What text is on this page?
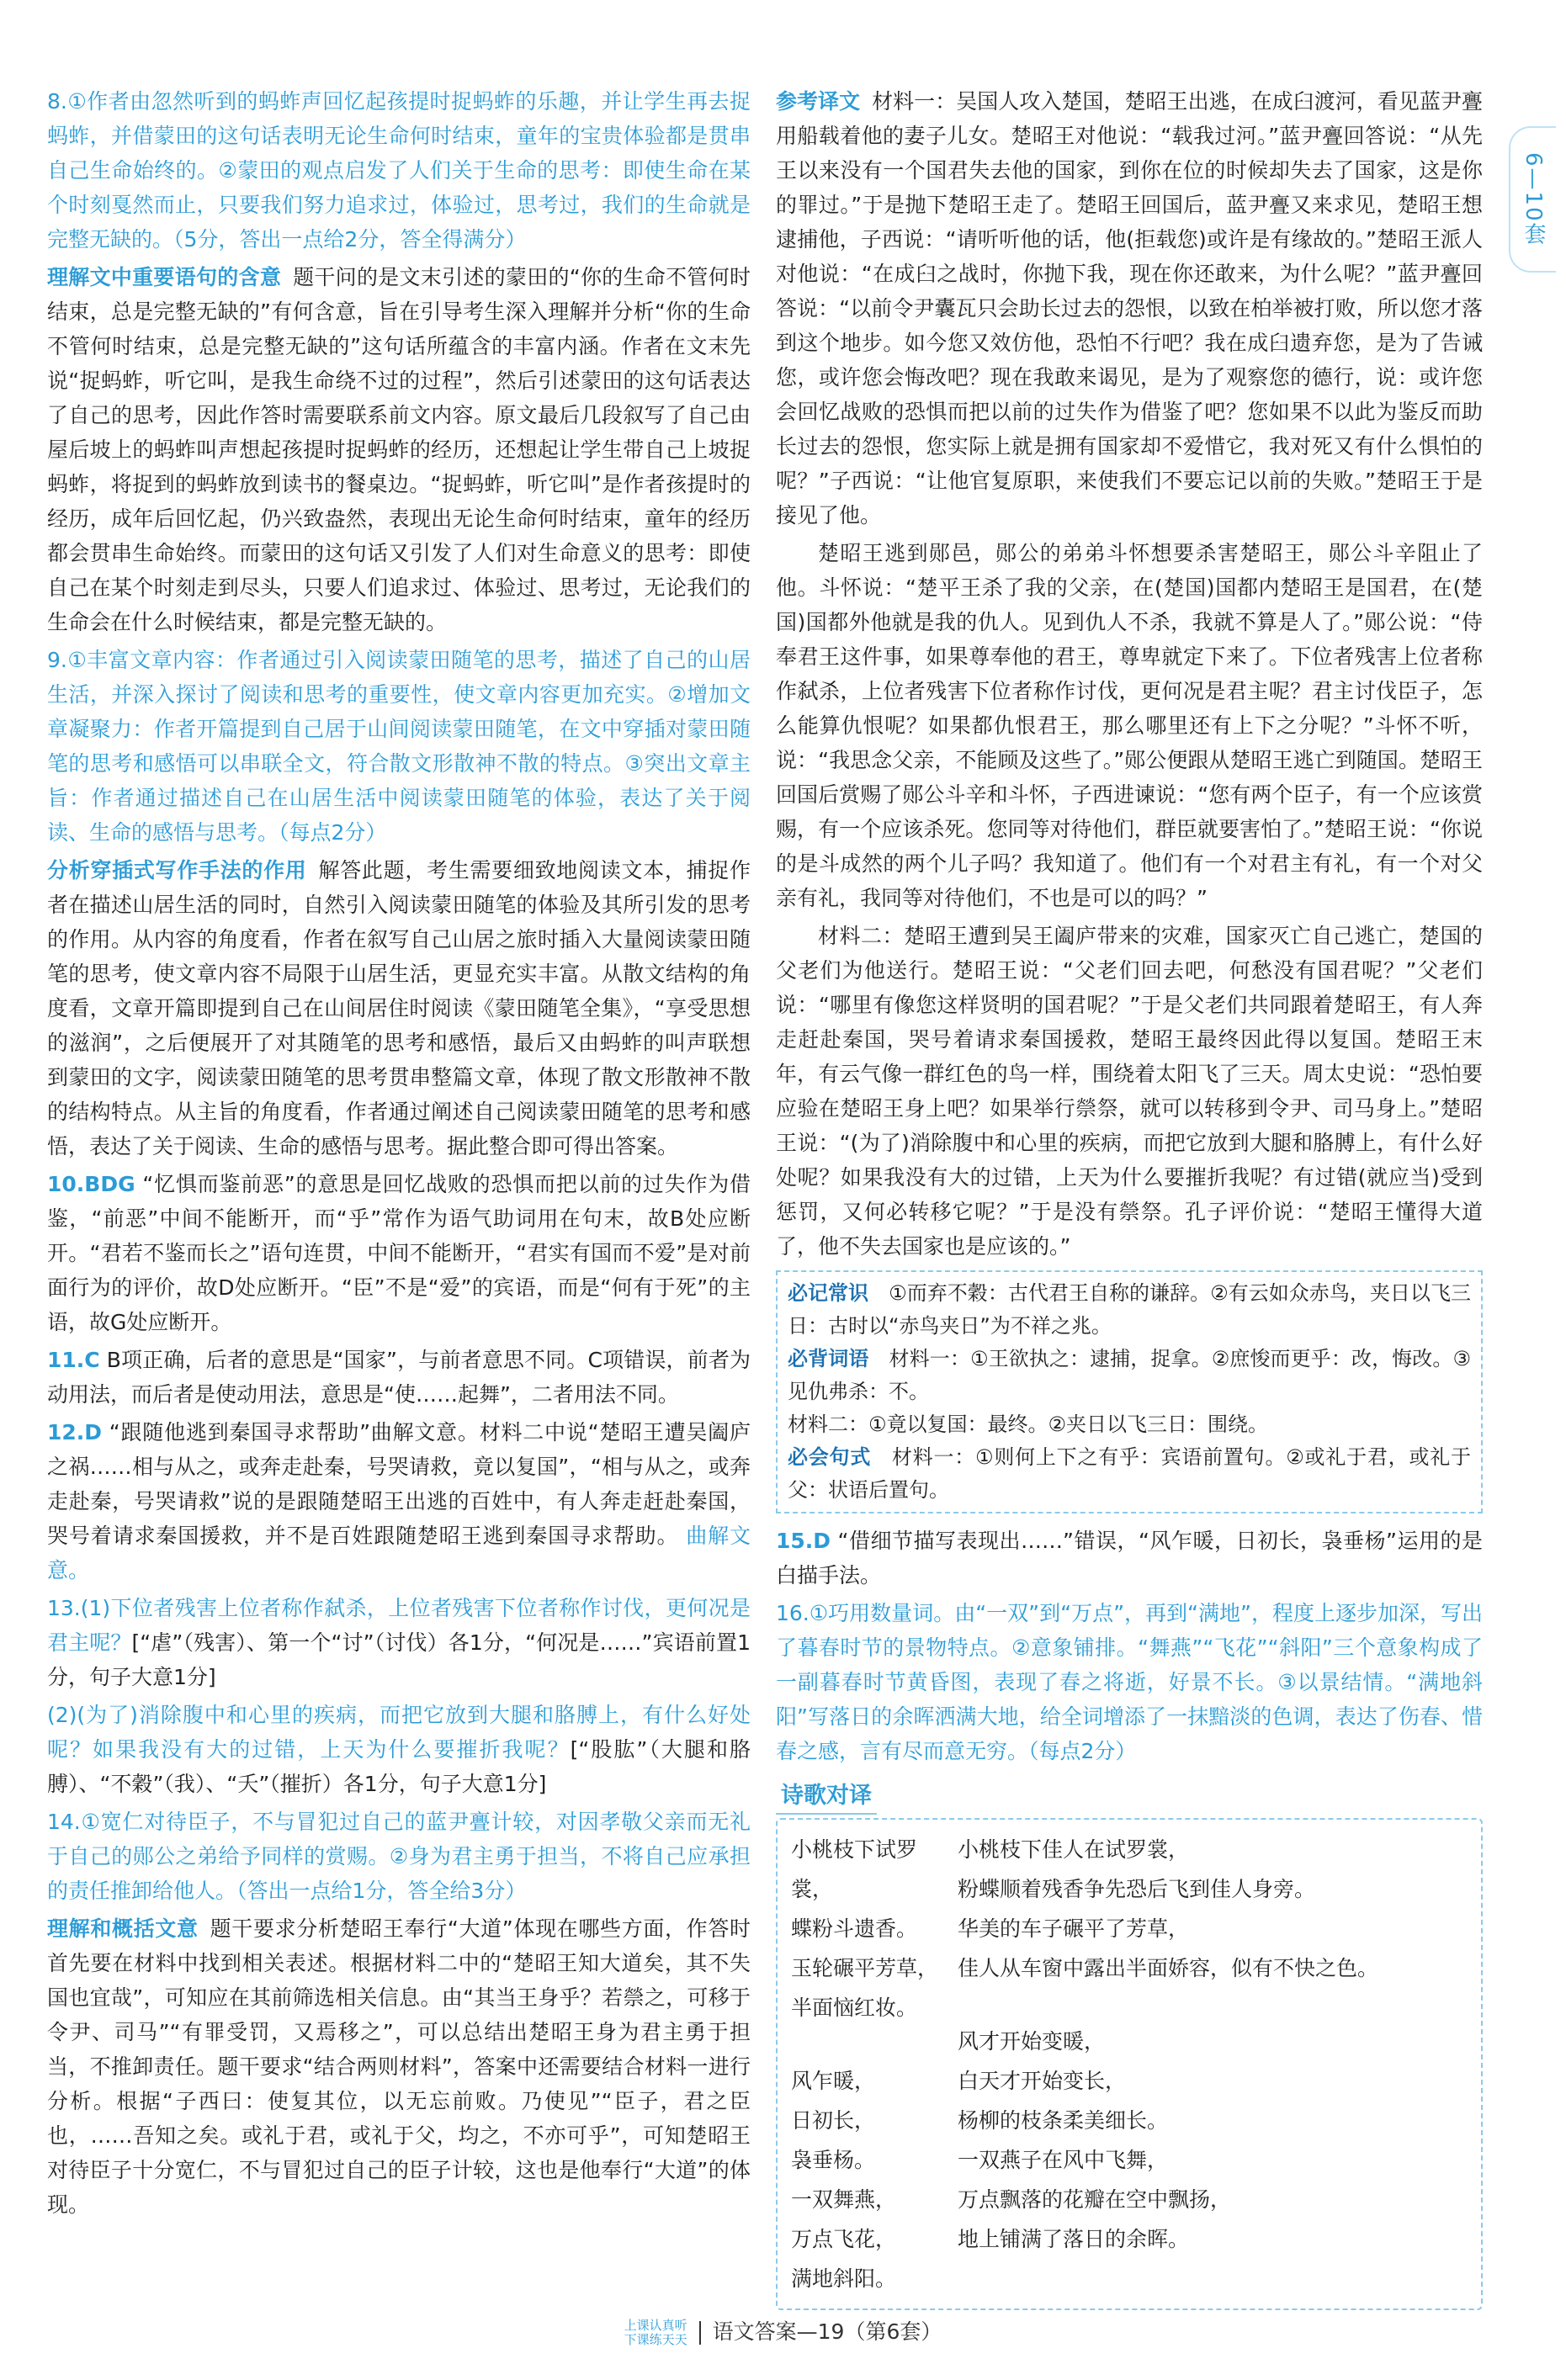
8.①作者由忽然听到的蚂蚱声回忆起孩提时捉蚂蚱的乐趣，并让学生再去捉蚂蚱，并借蒙田的这句话表明无论生命何时结束，童年的宝贵体验都是贯串自己生命始终的。②蒙田的观点启发了人们关于生命的思考：即使生命在某个时刻戛然而止，只要我们努力追求过，体验过，思考过，我们的生命就是完整无缺的。（5分，答出一点给2分，答全得满分）

理解文中重要语句的含意 题干问的是文末引述的蒙田的“你的生命不管何时结束，总是完整无缺的”有何含意，旨在引导考生深入理解并分析“你的生命不管何时结束，总是完整无缺的”这句话所蕴含的丰富内涵。作者在文末先说“捉蚂蚱，听它叫，是我生命绕不过的过程”，然后引述蒙田的这句话表达了自己的思考，因此作答时需要联系前文内容。原文最后几段叙写了自己由屋后坡上的蚂蚱叫声想起孩提时捉蚂蚱的经历，还想起让学生带自己上坡捉蚂蚱，将捉到的蚂蚱放到读书的餐桌边。“捉蚂蚱，听它叫”是作者孩提时的经历，成年后回忆起，仍兴致盎然，表现出无论生命何时结束，童年的经历都会贯串生命始终。而蒙田的这句话又引发了人们对生命意义的思考：即使自己在某个时刻走到尽头，只要人们追求过、体验过、思考过，无论我们的生命会在什么时候结束，都是完整无缺的。

9.①丰富文章内容：作者通过引入阅读蒙田随笔的思考，描述了自己的山居生活，并深入探讨了阅读和思考的重要性，使文章内容更加充实。②增加文章凝聚力：作者开篇提到自己居于山间阅读蒙田随笔，在文中穿插对蒙田随笔的思考和感悟可以串联全文，符合散文形散神不散的特点。③突出文章主旨：作者通过描述自己在山居生活中阅读蒙田随笔的体验，表达了关于阅读、生命的感悟与思考。（每点2分）

分析穿插式写作手法的作用 解答此题，考生需要细致地阅读文本，捕捉作者在描述山居生活的同时，自然引入阅读蒙田随笔的体验及其所引发的思考的作用。从内容的角度看，作者在叙写自己山居之旅时插入大量阅读蒙田随笔的思考，使文章内容不局限于山居生活，更显充实丰富。从散文结构的角度看，文章开篇即提到自己在山间居住时阅读《蒙田随笔全集》，“享受思想的滋润”，之后便展开了对其随笔的思考和感悟，最后又由蚂蚱的叫声联想到蒙田的文字，阅读蒙田随笔的思考贯串整篇文章，体现了散文形散神不散的结构特点。从主旨的角度看，作者通过阐述自己阅读蒙田随笔的思考和感悟，表达了关于阅读、生命的感悟与思考。据此整合即可得出答案。

10.BDG “忆惧而鉴前恶”的意思是回忆战败的恐惧而把以前的过失作为借鉴，“前恶”中间不能断开，而“乎”常作为语气助词用在句末，故B处应断开。“君若不鉴而长之”语句连贯，中间不能断开，“君实有国而不爱”是对前面行为的评价，故D处应断开。“臣”不是“爱”的宾语，而是“何有于死”的主语，故G处应断开。

11.C B项正确，后者的意思是“国家”，与前者意思不同。C项错误，前者为动用法，而后者是使动用法，意思是“使……起舞”，二者用法不同。

12.D “跟随他逃到秦国寻求帮助”曲解文意。材料二中说“楚昭王遭吴阖庐之祸……相与从之，或奔走赴秦，号哭请救，竟以复国”，“相与从之，或奔走赴秦，号哭请救”说的是跟随楚昭王出逃的百姓中，有人奔走赶赴秦国，哭号着请求秦国援救，并不是百姓跟随楚昭王逃到秦国寻求帮助。 曲解文意。

13.(1)下位者残害上位者称作弑杀，上位者残害下位者称作讨伐，更何况是君主呢？[“虐”（残害）、第一个“讨”（讨伐）各1分，“何况是……”宾语前置1分，句子大意1分]

(2)(为了)消除腹中和心里的疾病，而把它放到大腿和胳膊上，有什么好处呢？如果我没有大的过错，上天为什么要摧折我呢？[“股肱”（大腿和胳膊）、“不穀”（我）、“夭”（摧折）各1分，句子大意1分]

14.①宽仁对待臣子，不与冒犯过自己的蓝尹亹计较，对因孝敬父亲而无礼于自己的郧公之弟给予同样的赏赐。②身为君主勇于担当，不将自己应承担的责任推卸给他人。（答出一点给1分，答全给3分）

理解和概括文意 题干要求分析楚昭王奉行“大道”体现在哪些方面，作答时首先要在材料中找到相关表述。根据材料二中的“楚昭王知大道矣，其不失国也宜哉”，可知应在其前筛选相关信息。由“其当王身乎？若禜之，可移于令尹、司马”“有罪受罚，又焉移之”，可以总结出楚昭王身为君主勇于担当，不推卸责任。题干要求“结合两则材料”，答案中还需要结合材料一进行分析。根据“子西曰：使复其位，以无忘前败。乃使见”“臣子，君之臣也，……吾知之矣。或礼于君，或礼于父，均之，不亦可乎”，可知楚昭王对待臣子十分宽仁，不与冒犯过自己的臣子计较，这也是他奉行“大道”的体现。

参考译文 材料一：吴国人攻入楚国，楚昭王出逃，在成臼渡河，看见蓝尹亹用船载着他的妻子儿女。楚昭王对他说：“载我过河。”蓝尹亹回答说：“从先王以来没有一个国君失去他的国家，到你在位的时候却失去了国家，这是你的罪过。”于是抛下楚昭王走了。楚昭王回国后，蓝尹亹又来求见，楚昭王想逮捕他，子西说：“请听听他的话，他(拒载您)或许是有缘故的。”楚昭王派人对他说：“在成臼之战时，你抛下我，现在你还敢来，为什么呢？”蓝尹亹回答说：“以前令尹囊瓦只会助长过去的怨恨，以致在柏举被打败，所以您才落到这个地步。如今您又效仿他，恐怕不行吧？我在成臼遗弃您，是为了告诫您，或许您会悔改吧？现在我敢来谒见，是为了观察您的德行，说：或许您会回忆战败的恐惧而把以前的过失作为借鉴了吧？您如果不以此为鉴反而助长过去的怨恨，您实际上就是拥有国家却不爱惜它，我对死又有什么惧怕的呢？”子西说：“让他官复原职，来使我们不要忘记以前的失败。”楚昭王于是接见了他。

楚昭王逃到郧邑，郧公的弟弟斗怀想要杀害楚昭王，郧公斗辛阻止了他。斗怀说：“楚平王杀了我的父亲，在(楚国)国都内楚昭王是国君，在(楚国)国都外他就是我的仇人。见到仇人不杀，我就不算是人了。”郧公说：“侍奉君王这件事，如果尊奉他的君王，尊卑就定下来了。下位者残害上位者称作弑杀，上位者残害下位者称作讨伐，更何况是君主呢？君主讨伐臣子，怎么能算仇恨呢？如果都仇恨君王，那么哪里还有上下之分呢？”斗怀不听，说：“我思念父亲，不能顾及这些了。”郧公便跟从楚昭王逃亡到随国。楚昭王回国后赏赐了郧公斗辛和斗怀，子西进谏说：“您有两个臣子，有一个应该赏赐，有一个应该杀死。您同等对待他们，群臣就要害怕了。”楚昭王说：“你说的是斗成然的两个儿子吗？我知道了。他们有一个对君主有礼，有一个对父亲有礼，我同等对待他们，不也是可以的吗？”

材料二：楚昭王遭到吴王阖庐带来的灾难，国家灭亡自己逃亡，楚国的父老们为他送行。楚昭王说：“父老们回去吧，何愁没有国君呢？”父老们说：“哪里有像您这样贤明的国君呢？”于是父老们共同跟着楚昭王，有人奔走赶赴秦国，哭号着请求秦国援救，楚昭王最终因此得以复国。楚昭王末年，有云气像一群红色的鸟一样，围绕着太阳飞了三天。周太史说：“恐怕要应验在楚昭王身上吧？如果举行禜祭，就可以转移到令尹、司马身上。”楚昭王说：“(为了)消除腹中和心里的疾病，而把它放到大腿和胳膊上，有什么好处呢？如果我没有大的过错，上天为什么要摧折我呢？有过错(就应当)受到惩罚，又何必转移它呢？”于是没有禜祭。孔子评价说：“楚昭王懂得大道了，他不失去国家也是应该的。”

必记常识　 ①而弃不穀：古代君王自称的谦辞。②有云如众赤鸟，夹日以飞三日：古时以“赤鸟夹日”为不祥之兆。

必背词语　 材料一：①王欲执之：逮捕，捉拿。②庶悛而更乎：改，悔改。③见仇弗杀：不。

材料二：①竟以复国：最终。②夹日以飞三日：围绕。

必会句式　 材料一：①则何上下之有乎：宾语前置句。②或礼于君，或礼于父：状语后置句。

15.D “借细节描写表现出……”错误，“风乍暖，日初长，袅垂杨”运用的是白描手法。

16.①巧用数量词。由“一双”到“万点”，再到“满地”，程度上逐步加深，写出了暮春时节的景物特点。②意象铺排。“舞燕”“飞花”“斜阳”三个意象构成了一副暮春时节黄昏图，表现了春之将逝，好景不长。③以景结情。“满地斜阳”写落日的余晖洒满大地，给全词增添了一抹黯淡的色调，表达了伤春、惜春之感，言有尽而意无穷。（每点2分）

诗歌对译
小桃枝下试罗裳，
蝶粉斗遗香。
玉轮碾平芳草，
半面恼红妆。
风乍暖，
日初长，
袅垂杨。
一双舞燕，
万点飞花，
满地斜阳。
小桃枝下佳人在试罗裳，
粉蝶顺着残香争先恐后飞到佳人身旁。
华美的车子碾平了芳草，
佳人从车窗中露出半面娇容，似有不快之色。
风才开始变暖，
白天才开始变长，
杨柳的枝条柔美细长。
一双燕子在风中飞舞，
万点飘落的花瓣在空中飘扬，
地上铺满了落日的余晖。
6—10套
上课认真听
下课练天天 语文答案—19（第6套）
